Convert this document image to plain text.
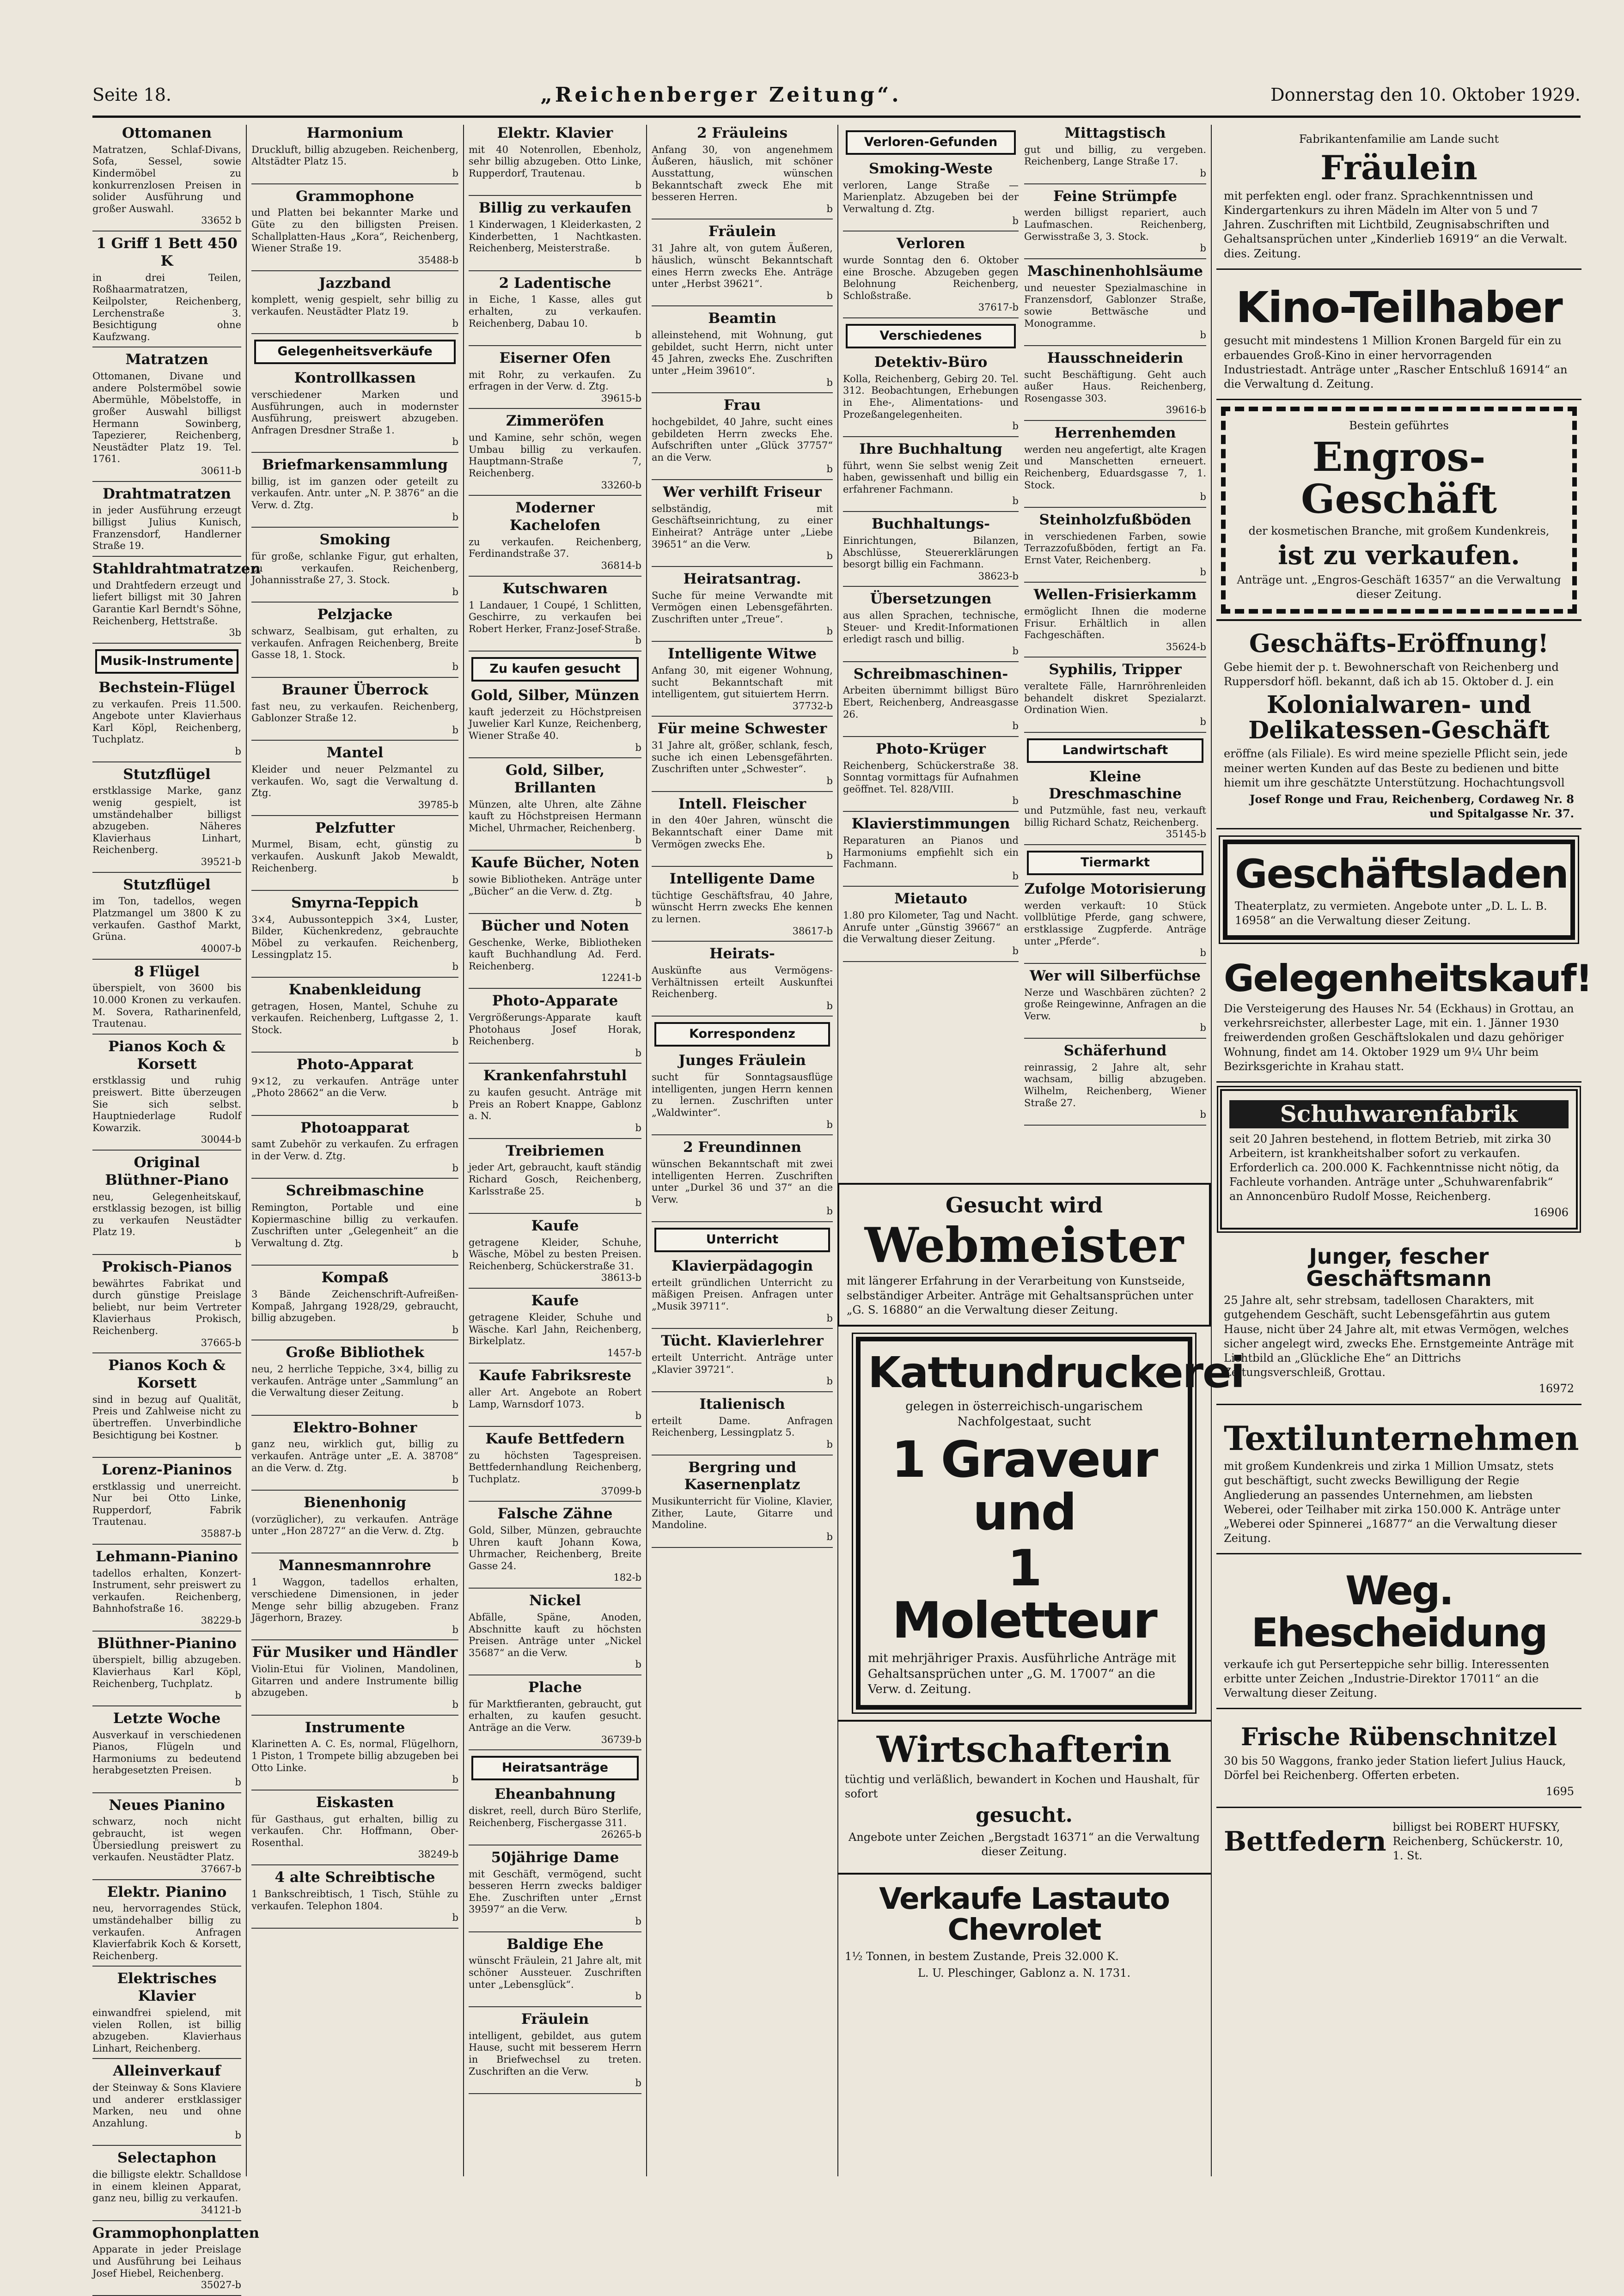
Seite 18.	„Reichenberger Zeitung“.	Donnerstag den 10. Oktober 1929.
Ottomanen

Matratzen, Schlaf-Divans, Sofa, Sessel, sowie Kindermöbel zu konkurrenzlosen Preisen in solider Ausführung und großer Auswahl.

33652 b
1 Griff 1 Bett 450 K

in drei Teilen, Roßhaarmatratzen, Keilpolster, Reichenberg, Lerchenstraße 3. Besichtigung ohne Kaufzwang.

Matratzen

Ottomanen, Divane und andere Polstermöbel sowie Abermühle, Möbelstoffe, in großer Auswahl billigst Hermann Sowinberg, Tapezierer, Reichenberg, Neustädter Platz 19. Tel. 1761.

30611-b
Drahtmatratzen

in jeder Ausführung erzeugt billigst Julius Kunisch, Franzensdorf, Handlerner Straße 19.

Stahldrahtmatratzen

und Drahtfedern erzeugt und liefert billigst mit 30 Jahren Garantie Karl Berndt's Söhne, Reichenberg, Hettstraße.

3b
Musik-Instrumente
Bechstein-Flügel

zu verkaufen. Preis 11.500. Angebote unter Klavierhaus Karl Köpl, Reichenberg, Tuchplatz.

b
Stutzflügel

erstklassige Marke, ganz wenig gespielt, ist umständehalber billigst abzugeben. Näheres Klavierhaus Linhart, Reichenberg.

39521-b
Stutzflügel

im Ton, tadellos, wegen Platzmangel um 3800 K zu verkaufen. Gasthof Markt, Grüna.

40007-b
8 Flügel

überspielt, von 3600 bis 10.000 Kronen zu verkaufen. M. Sovera, Ratharinenfeld, Trautenau.

Pianos Koch & Korsett

erstklassig und ruhig preiswert. Bitte überzeugen Sie sich selbst. Hauptniederlage Rudolf Kowarzik.

30044-b
Original Blüthner-Piano

neu, Gelegenheitskauf, erstklassig bezogen, ist billig zu verkaufen Neustädter Platz 19.

b
Prokisch-Pianos

bewährtes Fabrikat und durch günstige Preislage beliebt, nur beim Vertreter Klavierhaus Prokisch, Reichenberg.

37665-b
Pianos Koch & Korsett

sind in bezug auf Qualität, Preis und Zahlweise nicht zu übertreffen. Unverbindliche Besichtigung bei Kostner.

b
Lorenz-Pianinos

erstklassig und unerreicht. Nur bei Otto Linke, Rupperdorf, Fabrik Trautenau.

35887-b
Lehmann-Pianino

tadellos erhalten, Konzert-Instrument, sehr preiswert zu verkaufen. Reichenberg, Bahnhofstraße 16.

38229-b
Blüthner-Pianino

überspielt, billig abzugeben. Klavierhaus Karl Köpl, Reichenberg, Tuchplatz.

b
Letzte Woche

Ausverkauf in verschiedenen Pianos, Flügeln und Harmoniums zu bedeutend herabgesetzten Preisen.

b
Neues Pianino

schwarz, noch nicht gebraucht, ist wegen Übersiedlung preiswert zu verkaufen. Neustädter Platz.

37667-b
Elektr. Pianino

neu, hervorragendes Stück, umständehalber billig zu verkaufen. Anfragen Klavierfabrik Koch & Korsett, Reichenberg.

Elektrisches Klavier

einwandfrei spielend, mit vielen Rollen, ist billig abzugeben. Klavierhaus Linhart, Reichenberg.

Alleinverkauf

der Steinway & Sons Klaviere und anderer erstklassiger Marken, neu und ohne Anzahlung.

b
Selectaphon

die billigste elektr. Schalldose in einem kleinen Apparat, ganz neu, billig zu verkaufen.

34121-b
Grammophonplatten

Apparate in jeder Preislage und Ausführung bei Leihaus Josef Hiebel, Reichenberg.

35027-b
Harmonium

Druckluft, billig abzugeben. Reichenberg, Altstädter Platz 15.

b
Grammophone

und Platten bei bekannter Marke und Güte zu den billigsten Preisen. Schallplatten-Haus „Kora“, Reichenberg, Wiener Straße 19.

35488-b
Jazzband

komplett, wenig gespielt, sehr billig zu verkaufen. Neustädter Platz 19.

b
Gelegenheitsverkäufe
Kontrollkassen

verschiedener Marken und Ausführungen, auch in modernster Ausführung, preiswert abzugeben. Anfragen Dresdner Straße 1.

b
Briefmarkensammlung

billig, ist im ganzen oder geteilt zu verkaufen. Antr. unter „N. P. 3876“ an die Verw. d. Ztg.

b
Smoking

für große, schlanke Figur, gut erhalten, zu verkaufen. Reichenberg, Johannisstraße 27, 3. Stock.

b
Pelzjacke

schwarz, Sealbisam, gut erhalten, zu verkaufen. Anfragen Reichenberg, Breite Gasse 18, 1. Stock.

b
Brauner Überrock

fast neu, zu verkaufen. Reichenberg, Gablonzer Straße 12.

b
Mantel

Kleider und neuer Pelzmantel zu verkaufen. Wo, sagt die Verwaltung d. Ztg.

39785-b
Pelzfutter

Murmel, Bisam, echt, günstig zu verkaufen. Auskunft Jakob Mewaldt, Reichenberg.

b
Smyrna-Teppich

3×4, Aubussonteppich 3×4, Luster, Bilder, Küchenkredenz, gebrauchte Möbel zu verkaufen. Reichenberg, Lessingplatz 15.

b
Knabenkleidung

getragen, Hosen, Mantel, Schuhe zu verkaufen. Reichenberg, Luftgasse 2, 1. Stock.

b
Photo-Apparat

9×12, zu verkaufen. Anträge unter „Photo 28662“ an die Verw.

b
Photoapparat

samt Zubehör zu verkaufen. Zu erfragen in der Verw. d. Ztg.

b
Schreibmaschine

Remington, Portable und eine Kopiermaschine billig zu verkaufen. Zuschriften unter „Gelegenheit“ an die Verwaltung d. Ztg.

b
Kompaß

3 Bände Zeichenschrift-Aufreißen-Kompaß, Jahrgang 1928/29, gebraucht, billig abzugeben.

b
Große Bibliothek

neu, 2 herrliche Teppiche, 3×4, billig zu verkaufen. Anträge unter „Sammlung“ an die Verwaltung dieser Zeitung.

b
Elektro-Bohner

ganz neu, wirklich gut, billig zu verkaufen. Anträge unter „E. A. 38708“ an die Verw. d. Ztg.

b
Bienenhonig

(vorzüglicher), zu verkaufen. Anträge unter „Hon 28727“ an die Verw. d. Ztg.

b
Mannesmannrohre

1 Waggon, tadellos erhalten, verschiedene Dimensionen, in jeder Menge sehr billig abzugeben. Franz Jägerhorn, Brazey.

b
Für Musiker und Händler

Violin-Etui für Violinen, Mandolinen, Gitarren und andere Instrumente billig abzugeben.

b
Instrumente

Klarinetten A. C. Es, normal, Flügelhorn, 1 Piston, 1 Trompete billig abzugeben bei Otto Linke.

b
Eiskasten

für Gasthaus, gut erhalten, billig zu verkaufen. Chr. Hoffmann, Ober-Rosenthal.

38249-b
4 alte Schreibtische

1 Bankschreibtisch, 1 Tisch, Stühle zu verkaufen. Telephon 1804.

b
Elektr. Klavier

mit 40 Notenrollen, Ebenholz, sehr billig abzugeben. Otto Linke, Rupperdorf, Trautenau.

b
Billig zu verkaufen

1 Kinderwagen, 1 Kleiderkasten, 2 Kinderbetten, 1 Nachtkasten. Reichenberg, Meisterstraße.

b
2 Ladentische

in Eiche, 1 Kasse, alles gut erhalten, zu verkaufen. Reichenberg, Dabau 10.

b
Eiserner Ofen

mit Rohr, zu verkaufen. Zu erfragen in der Verw. d. Ztg.

39615-b
Zimmeröfen

und Kamine, sehr schön, wegen Umbau billig zu verkaufen. Hauptmann-Straße 7, Reichenberg.

33260-b
Moderner Kachelofen

zu verkaufen. Reichenberg, Ferdinandstraße 37.

36814-b
Kutschwaren

1 Landauer, 1 Coupé, 1 Schlitten, Geschirre, zu verkaufen bei Robert Herker, Franz-Josef-Straße.

b
Zu kaufen gesucht
Gold, Silber, Münzen

kauft jederzeit zu Höchstpreisen Juwelier Karl Kunze, Reichenberg, Wiener Straße 40.

b
Gold, Silber, Brillanten

Münzen, alte Uhren, alte Zähne kauft zu Höchstpreisen Hermann Michel, Uhrmacher, Reichenberg.

b
Kaufe Bücher, Noten

sowie Bibliotheken. Anträge unter „Bücher“ an die Verw. d. Ztg.

b
Bücher und Noten

Geschenke, Werke, Bibliotheken kauft Buchhandlung Ad. Ferd. Reichenberg.

12241-b
Photo-Apparate

Vergrößerungs-Apparate kauft Photohaus Josef Horak, Reichenberg.

b
Krankenfahrstuhl

zu kaufen gesucht. Anträge mit Preis an Robert Knappe, Gablonz a. N.

b
Treibriemen

jeder Art, gebraucht, kauft ständig Richard Gosch, Reichenberg, Karlsstraße 25.

b
Kaufe

getragene Kleider, Schuhe, Wäsche, Möbel zu besten Preisen. Reichenberg, Schückerstraße 31.

38613-b
Kaufe

getragene Kleider, Schuhe und Wäsche. Karl Jahn, Reichenberg, Birkelplatz.

1457-b
Kaufe Fabriksreste

aller Art. Angebote an Robert Lamp, Warnsdorf 1073.

b
Kaufe Bettfedern

zu höchsten Tagespreisen. Bettfedernhandlung Reichenberg, Tuchplatz.

37099-b
Falsche Zähne

Gold, Silber, Münzen, gebrauchte Uhren kauft Johann Kowa, Uhrmacher, Reichenberg, Breite Gasse 24.

182-b
Nickel

Abfälle, Späne, Anoden, Abschnitte kauft zu höchsten Preisen. Anträge unter „Nickel 35687“ an die Verw.

b
Plache

für Marktfieranten, gebraucht, gut erhalten, zu kaufen gesucht. Anträge an die Verw.

36739-b
Heiratsanträge
Eheanbahnung

diskret, reell, durch Büro Sterlife, Reichenberg, Fischergasse 311.

26265-b
50jährige Dame

mit Geschäft, vermögend, sucht besseren Herrn zwecks baldiger Ehe. Zuschriften unter „Ernst 39597“ an die Verw.

b
Baldige Ehe

wünscht Fräulein, 21 Jahre alt, mit schöner Aussteuer. Zuschriften unter „Lebensglück“.

b
Fräulein

intelligent, gebildet, aus gutem Hause, sucht mit besserem Herrn in Briefwechsel zu treten. Zuschriften an die Verw.

b
2 Fräuleins

Anfang 30, von angenehmem Äußeren, häuslich, mit schöner Ausstattung, wünschen Bekanntschaft zweck Ehe mit besseren Herren.

b
Fräulein

31 Jahre alt, von gutem Äußeren, häuslich, wünscht Bekanntschaft eines Herrn zwecks Ehe. Anträge unter „Herbst 39621“.

b
Beamtin

alleinstehend, mit Wohnung, gut gebildet, sucht Herrn, nicht unter 45 Jahren, zwecks Ehe. Zuschriften unter „Heim 39610“.

b
Frau

hochgebildet, 40 Jahre, sucht eines gebildeten Herrn zwecks Ehe. Aufschriften unter „Glück 37757“ an die Verw.

b
Wer verhilft Friseur

selbständig, mit Geschäftseinrichtung, zu einer Einheirat? Anträge unter „Liebe 39651“ an die Verw.

b
Heiratsantrag.

Suche für meine Verwandte mit Vermögen einen Lebensgefährten. Zuschriften unter „Treue“.

b
Intelligente Witwe

Anfang 30, mit eigener Wohnung, sucht Bekanntschaft mit intelligentem, gut situiertem Herrn.

37732-b
Für meine Schwester

31 Jahre alt, größer, schlank, fesch, suche ich einen Lebensgefährten. Zuschriften unter „Schwester“.

b
Intell. Fleischer

in den 40er Jahren, wünscht die Bekanntschaft einer Dame mit Vermögen zwecks Ehe.

b
Intelligente Dame

tüchtige Geschäftsfrau, 40 Jahre, wünscht Herrn zwecks Ehe kennen zu lernen.

38617-b
Heirats-

Auskünfte aus Vermögens-Verhältnissen erteilt Auskunftei Reichenberg.

b
Korrespondenz
Junges Fräulein

sucht für Sonntagsausflüge intelligenten, jungen Herrn kennen zu lernen. Zuschriften unter „Waldwinter“.

b
2 Freundinnen

wünschen Bekanntschaft mit zwei intelligenten Herren. Zuschriften unter „Durkel 36 und 37“ an die Verw.

b
Unterricht
Klavierpädagogin

erteilt gründlichen Unterricht zu mäßigen Preisen. Anfragen unter „Musik 39711“.

b
Tücht. Klavierlehrer

erteilt Unterricht. Anträge unter „Klavier 39721“.

b
Italienisch

erteilt Dame. Anfragen Reichenberg, Lessingplatz 5.

b
Bergring und Kasernenplatz

Musikunterricht für Violine, Klavier, Zither, Laute, Gitarre und Mandoline.

b
Verloren-Gefunden
Smoking-Weste

verloren, Lange Straße — Marienplatz. Abzugeben bei der Verwaltung d. Ztg.

b
Verloren

wurde Sonntag den 6. Oktober eine Brosche. Abzugeben gegen Belohnung Reichenberg, Schloßstraße.

37617-b
Verschiedenes
Detektiv-Büro

Kolla, Reichenberg, Gebirg 20. Tel. 312. Beobachtungen, Erhebungen in Ehe-, Alimentations- und Prozeßangelegenheiten.

b
Ihre Buchhaltung

führt, wenn Sie selbst wenig Zeit haben, gewissenhaft und billig ein erfahrener Fachmann.

b
Buchhaltungs-

Einrichtungen, Bilanzen, Abschlüsse, Steuererklärungen besorgt billig ein Fachmann.

38623-b
Übersetzungen

aus allen Sprachen, technische, Steuer- und Kredit-Informationen erledigt rasch und billig.

b
Schreibmaschinen-

Arbeiten übernimmt billigst Büro Ebert, Reichenberg, Andreasgasse 26.

b
Photo-Krüger

Reichenberg, Schückerstraße 38. Sonntag vormittags für Aufnahmen geöffnet. Tel. 828/VIII.

b
Klavierstimmungen

Reparaturen an Pianos und Harmoniums empfiehlt sich ein Fachmann.

b
Mietauto

1.80 pro Kilometer, Tag und Nacht. Anrufe unter „Günstig 39667“ an die Verwaltung dieser Zeitung.

b
Mittagstisch

gut und billig, zu vergeben. Reichenberg, Lange Straße 17.

b
Feine Strümpfe

werden billigst repariert, auch Laufmaschen. Reichenberg, Gerwisstraße 3, 3. Stock.

b
Maschinenhohlsäume

und neuester Spezialmaschine in Franzensdorf, Gablonzer Straße, sowie Bettwäsche und Monogramme.

b
Hausschneiderin

sucht Beschäftigung. Geht auch außer Haus. Reichenberg, Rosengasse 303.

39616-b
Herrenhemden

werden neu angefertigt, alte Kragen und Manschetten erneuert. Reichenberg, Eduardsgasse 7, 1. Stock.

b
Steinholzfußböden

in verschiedenen Farben, sowie Terrazzofußböden, fertigt an Fa. Ernst Vater, Reichenberg.

b
Wellen-Frisierkamm

ermöglicht Ihnen die moderne Frisur. Erhältlich in allen Fachgeschäften.

35624-b
Syphilis, Tripper

veraltete Fälle, Harnröhrenleiden behandelt diskret Spezialarzt. Ordination Wien.

b
Landwirtschaft
Kleine Dreschmaschine

und Putzmühle, fast neu, verkauft billig Richard Schatz, Reichenberg.

35145-b
Tiermarkt
Zufolge Motorisierung

werden verkauft: 10 Stück vollblütige Pferde, gang schwere, erstklassige Zugpferde. Anträge unter „Pferde“.

b
Wer will Silberfüchse

Nerze und Waschbären züchten? 2 große Reingewinne, Anfragen an die Verw.

b
Schäferhund

reinrassig, 2 Jahre alt, sehr wachsam, billig abzugeben. Wilhelm, Reichenberg, Wiener Straße 27.

b

Gesucht wird

Webmeister

mit längerer Erfahrung in der Verarbeitung von Kunstseide, selbständiger Arbeiter. Anträge mit Gehaltsansprüchen unter „G. S. 16880“ an die Verwaltung dieser Zeitung.

Kattundruckerei

gelegen in österreichisch-ungarischem Nachfolgestaat, sucht

1 Graveur und

1 Moletteur

mit mehrjähriger Praxis. Ausführliche Anträge mit Gehaltsansprüchen unter „G. M. 17007“ an die Verw. d. Zeitung.

Wirtschafterin

tüchtig und verläßlich, bewandert in Kochen und Haushalt, für sofort

gesucht.

Angebote unter Zeichen „Bergstadt 16371“ an die Verwaltung dieser Zeitung.

Verkaufe Lastauto Chevrolet

1½ Tonnen, in bestem Zustande, Preis 32.000 K.

L. U. Pleschinger, Gablonz a. N. 1731.

Fabrikantenfamilie am Lande sucht

Fräulein

mit perfekten engl. oder franz. Sprachkenntnissen und Kindergartenkurs zu ihren Mädeln im Alter von 5 und 7 Jahren. Zuschriften mit Lichtbild, Zeugnisabschriften und Gehaltsansprüchen unter „Kinderlieb 16919“ an die Verwalt. dies. Zeitung.

Kino-Teilhaber

gesucht mit mindestens 1 Million Kronen Bargeld für ein zu erbauendes Groß-Kino in einer hervorragenden Industriestadt. Anträge unter „Rascher Entschluß 16914“ an die Verwaltung d. Zeitung.

Bestein geführtes

Engros-Geschäft

der kosmetischen Branche, mit großem Kundenkreis,

ist zu verkaufen.

Anträge unt. „Engros-Geschäft 16357“ an die Verwaltung dieser Zeitung.

Geschäfts-Eröffnung!

Gebe hiemit der p. t. Bewohnerschaft von Reichenberg und Ruppersdorf höfl. bekannt, daß ich ab 15. Oktober d. J. ein

Kolonialwaren- und Delikatessen-Geschäft

eröffne (als Filiale). Es wird meine spezielle Pflicht sein, jede meiner werten Kunden auf das Beste zu bedienen und bitte hiemit um ihre geschätzte Unterstützung. Hochachtungsvoll

Josef Ronge und Frau, Reichenberg, Cordaweg Nr. 8 und Spitalgasse Nr. 37.

Geschäftsladen

Theaterplatz, zu vermieten. Angebote unter „D. L. L. B. 16958“ an die Verwaltung dieser Zeitung.

Gelegenheitskauf!

Die Versteigerung des Hauses Nr. 54 (Eckhaus) in Grottau, an verkehrsreichster, allerbester Lage, mit ein. 1. Jänner 1930 freiwerdenden großen Geschäftslokalen und dazu gehöriger Wohnung, findet am 14. Oktober 1929 um 9¼ Uhr beim Bezirksgerichte in Krahau statt.

Schuhwarenfabrik

seit 20 Jahren bestehend, in flottem Betrieb, mit zirka 30 Arbeitern, ist krankheitshalber sofort zu verkaufen. Erforderlich ca. 200.000 K. Fachkenntnisse nicht nötig, da Fachleute vorhanden. Anträge unter „Schuhwarenfabrik“ an Annoncenbüro Rudolf Mosse, Reichenberg.

16906

Junger, fescher Geschäftsmann

25 Jahre alt, sehr strebsam, tadellosen Charakters, mit gutgehendem Geschäft, sucht Lebensgefährtin aus gutem Hause, nicht über 24 Jahre alt, mit etwas Vermögen, welches sicher angelegt wird, zwecks Ehe. Ernstgemeinte Anträge mit Lichtbild an „Glückliche Ehe“ an Dittrichs Zeitungsverschleiß, Grottau.

16972

Textilunternehmen

mit großem Kundenkreis und zirka 1 Million Umsatz, stets gut beschäftigt, sucht zwecks Bewilligung der Regie Angliederung an passendes Unternehmen, am liebsten Weberei, oder Teilhaber mit zirka 150.000 K. Anträge unter „Weberei oder Spinnerei „16877“ an die Verwaltung dieser Zeitung.

Weg. Ehescheidung

verkaufe ich gut Perserteppiche sehr billig. Interessenten erbitte unter Zeichen „Industrie-Direktor 17011“ an die Verwaltung dieser Zeitung.

Frische Rübenschnitzel

30 bis 50 Waggons, franko jeder Station liefert Julius Hauck, Dörfel bei Reichenberg. Offerten erbeten.

1695

Bettfedern billigst bei ROBERT HUFSKY, Reichenberg, Schückerstr. 10, 1. St.
